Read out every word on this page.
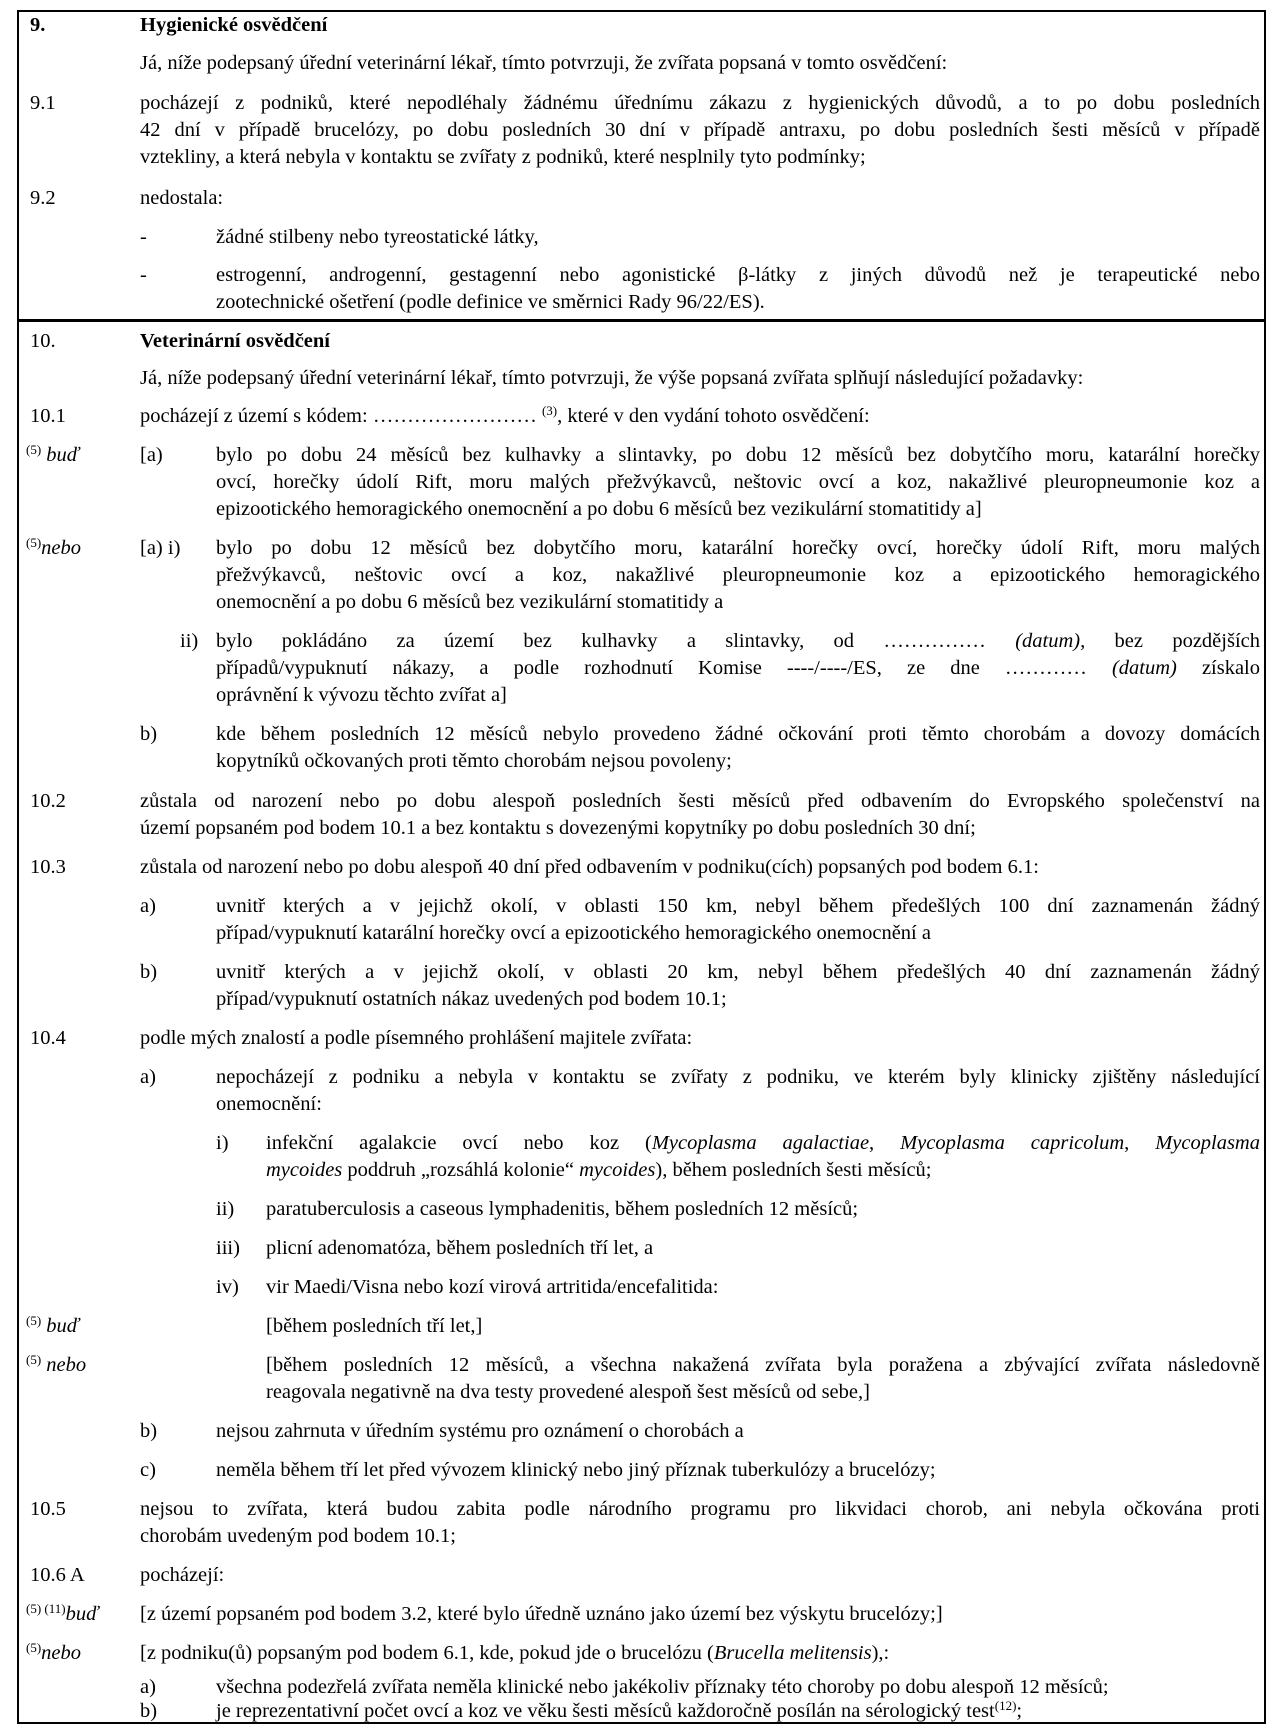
9.	Hygienické osvědčení
Já, níže podepsaný úřední veterinární lékař, tímto potvrzuji, že zvířata popsaná v tomto osvědčení:
9.1	pocházejí z podniků, které nepodléhaly žádnému úřednímu zákazu z hygienických důvodů, a to po dobu posledních
42 dní v případě brucelózy, po dobu posledních 30 dní v případě antraxu, po dobu posledních šesti měsíců v případě
vztekliny, a která nebyla v kontaktu se zvířaty z podniků, které nesplnily tyto podmínky;
9.2	nedostala:
-	žádné stilbeny nebo tyreostatické látky,
-	estrogenní, androgenní, gestagenní nebo agonistické β-látky z jiných důvodů než je terapeutické nebo
zootechnické ošetření (podle definice ve směrnici Rady 96/22/ES).
10.	Veterinární osvědčení
Já, níže podepsaný úřední veterinární lékař, tímto potvrzuji, že výše popsaná zvířata splňují následující požadavky:
10.1	pocházejí z území s kódem: …………………… $^{(3)}$, které v den vydání tohoto osvědčení:
$^{(5)}$ buď	[a)	bylo po dobu 24 měsíců bez kulhavky a slintavky, po dobu 12 měsíců bez dobytčího moru, katarální horečky
ovcí, horečky údolí Rift, moru malých přežvýkavců, neštovic ovcí a koz, nakažlivé pleuropneumonie koz a
epizootického hemoragického onemocnění a po dobu 6 měsíců bez vezikulární stomatitidy a]
$^{(5)}$nebo	[a) i) bylo po dobu 12 měsíců bez dobytčího moru, katarální horečky ovcí, horečky údolí Rift, moru malých
přežvýkavců, neštovic ovcí a koz, nakažlivé pleuropneumonie koz a epizootického hemoragického
onemocnění a po dobu 6 měsíců bez vezikulární stomatitidy a
ii) bylo pokládáno za území bez kulhavky a slintavky, od …………… (datum), bez pozdějších
případů/vypuknutí nákazy, a podle rozhodnutí Komise ----/----/ES, ze dne ………… (datum) získalo
oprávnění k vývozu těchto zvířat a]
b)	kde během posledních 12 měsíců nebylo provedeno žádné očkování proti těmto chorobám a dovozy domácích
kopytníků očkovaných proti těmto chorobám nejsou povoleny;
10.2	zůstala od narození nebo po dobu alespoň posledních šesti měsíců před odbavením do Evropského společenství na
území popsaném pod bodem 10.1 a bez kontaktu s dovezenými kopytníky po dobu posledních 30 dní;
10.3	zůstala od narození nebo po dobu alespoň 40 dní před odbavením v podniku(cích) popsaných pod bodem 6.1:
a)	uvnitř kterých a v jejichž okolí, v oblasti 150 km, nebyl během předešlých 100 dní zaznamenán žádný
případ/vypuknutí katarální horečky ovcí a epizootického hemoragického onemocnění a
b)	uvnitř kterých a v jejichž okolí, v oblasti 20 km, nebyl během předešlých 40 dní zaznamenán žádný
případ/vypuknutí ostatních nákaz uvedených pod bodem 10.1;
10.4	podle mých znalostí a podle písemného prohlášení majitele zvířata:
a)	nepocházejí z podniku a nebyla v kontaktu se zvířaty z podniku, ve kterém byly klinicky zjištěny následující
onemocnění:
i) infekční agalakcie ovcí nebo koz (Mycoplasma agalactiae, Mycoplasma capricolum, Mycoplasma
mycoides poddruh „rozsáhlá kolonie“ mycoides), během posledních šesti měsíců;
ii) paratuberculosis a caseous lymphadenitis, během posledních 12 měsíců;
iii) plicní adenomatóza, během posledních tří let, a
iv) vir Maedi/Visna nebo kozí virová artritida/encefalitida:
$^{(5)}$ buď	[během posledních tří let,]
$^{(5)}$ nebo	[během posledních 12 měsíců, a všechna nakažená zvířata byla poražena a zbývající zvířata následovně
reagovala negativně na dva testy provedené alespoň šest měsíců od sebe,]
b)	nejsou zahrnuta v úředním systému pro oznámení o chorobách a
c)	neměla během tří let před vývozem klinický nebo jiný příznak tuberkulózy a brucelózy;
10.5	nejsou to zvířata, která budou zabita podle národního programu pro likvidaci chorob, ani nebyla očkována proti
chorobám uvedeným pod bodem 10.1;
10.6 A	pocházejí:
$^{(5) (11)}$buď [z území popsaném pod bodem 3.2, které bylo úředně uznáno jako území bez výskytu brucelózy;]
$^{(5)}$nebo	[z podniku(ů) popsaným pod bodem 6.1, kde, pokud jde o brucelózu (Brucella melitensis),:
a)	všechna podezřelá zvířata neměla klinické nebo jakékoliv příznaky této choroby po dobu alespoň 12 měsíců;
b)	je reprezentativní počet ovcí a koz ve věku šesti měsíců každoročně posílán na sérologický test$^{(12)}$;
